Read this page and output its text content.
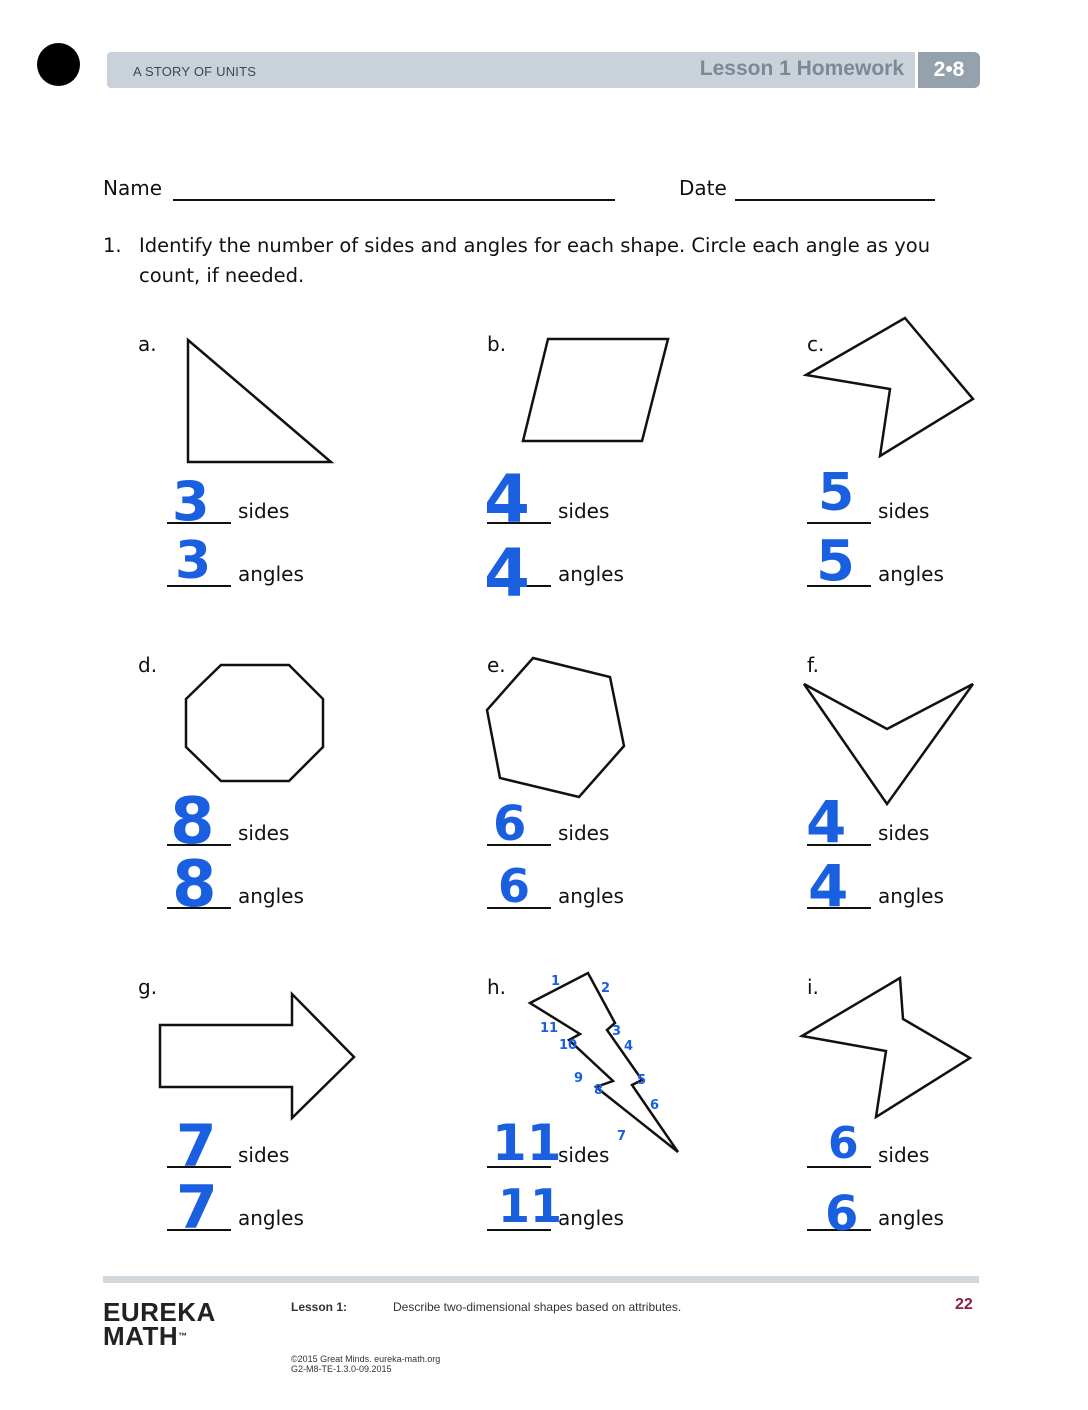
A STORY OF UNITS	Lesson 1 Homework	2•8
Name	Date
1. Identify the number of sides and angles for each shape. Circle each angle as you count, if needed.
a.	b.	c.
d.	e.	f.
g.	h.	i.
sides
angles
sides
angles
sides
angles
sides
angles
sides
angles
sides
angles
sides
angles
sides
angles
sides
angles
3
3
4
4
5
5
8
8
6
6
4
4
7
7
11
11
6
6
1	2
3
4
5
6
7
8
9
10
11
EUREKA
MATH™
Lesson 1:	Describe two-dimensional shapes based on attributes.	22
©2015 Great Minds. eureka-math.org
G2-M8-TE-1.3.0-09.2015
